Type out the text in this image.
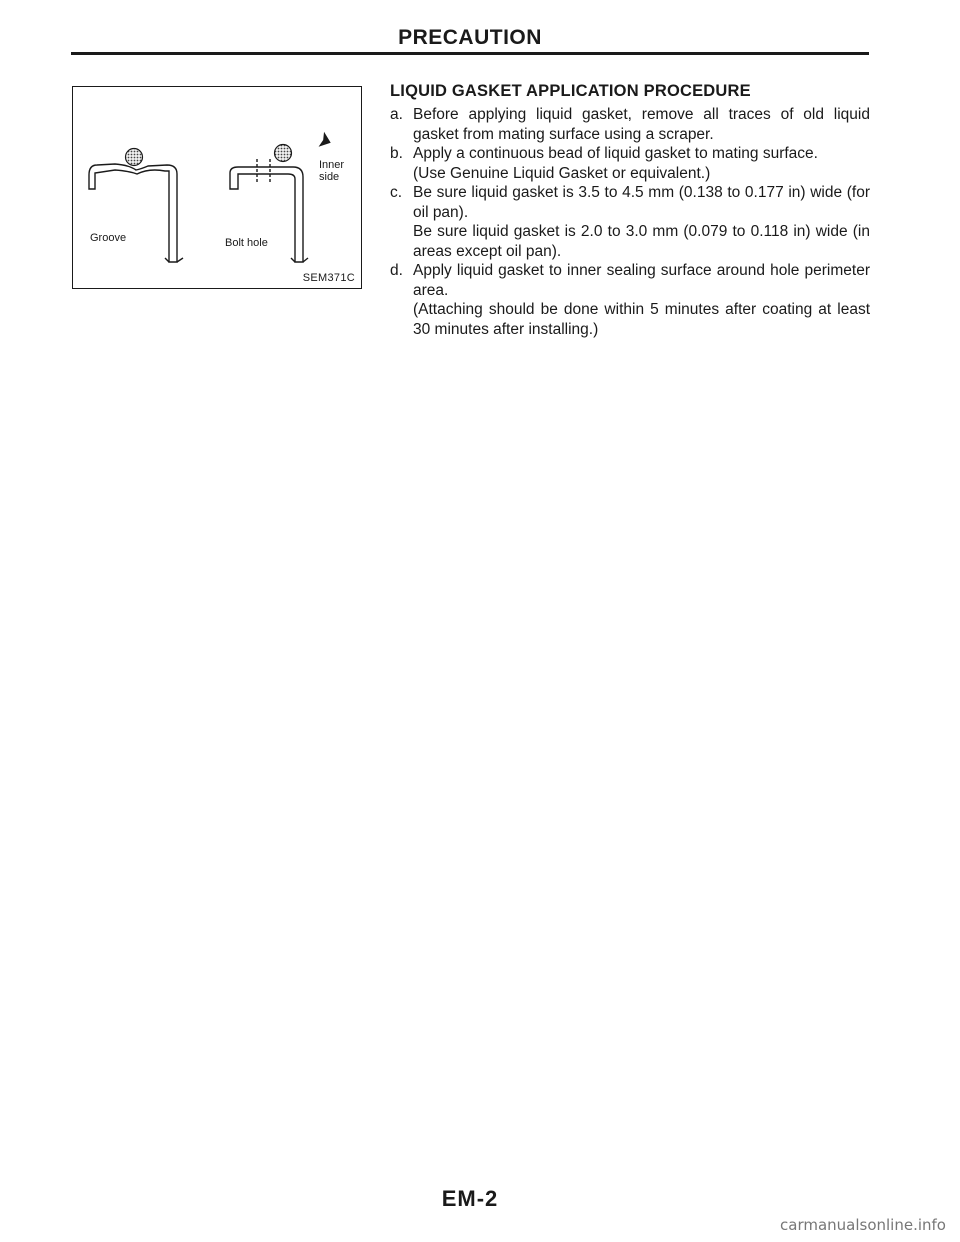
PRECAUTION
Groove	Bolt hole
Inner
side
SEM371C
LIQUID GASKET APPLICATION PROCEDURE
a. Before applying liquid gasket, remove all traces of old liquid gasket from mating surface using a scraper.
b. Apply a continuous bead of liquid gasket to mating surface.
(Use Genuine Liquid Gasket or equivalent.)
c. Be sure liquid gasket is 3.5 to 4.5 mm (0.138 to 0.177 in) wide (for oil pan).
Be sure liquid gasket is 2.0 to 3.0 mm (0.079 to 0.118 in) wide (in areas except oil pan).
d. Apply liquid gasket to inner sealing surface around hole perimeter area.
(Attaching should be done within 5 minutes after coating at least 30 minutes after installing.)
EM-2
carmanualsonline.info
